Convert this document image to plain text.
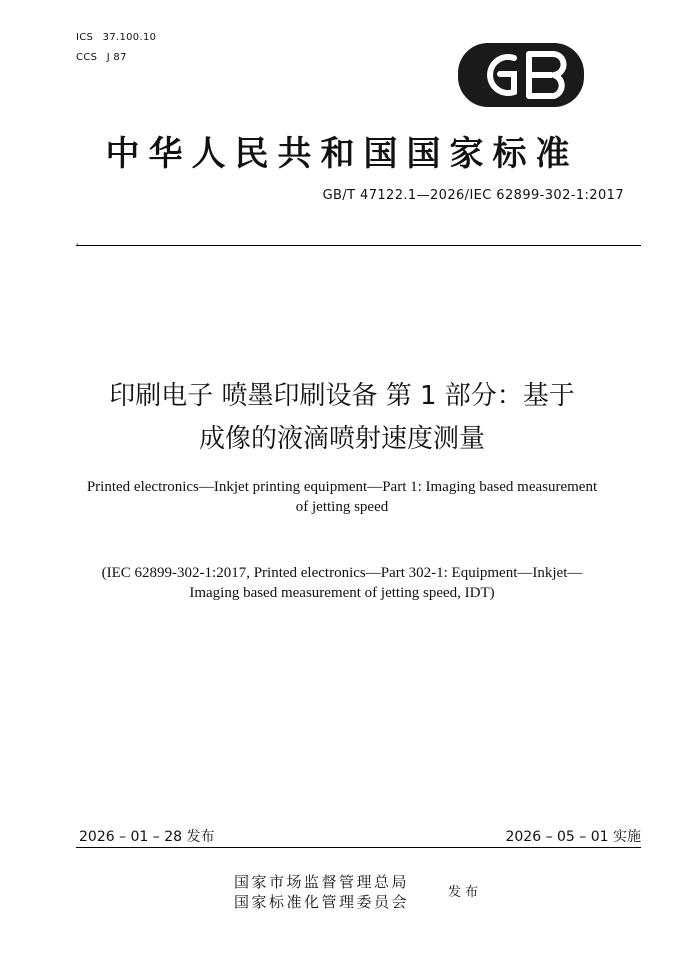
ICS 37.100.10
CCS J 87
中华人民共和国国家标准
GB/T 47122.1—2026/IEC 62899-302-1:2017
、
印刷电子 喷墨印刷设备 第 1 部分：基于
成像的液滴喷射速度测量
Printed electronics—Inkjet printing equipment—Part 1: Imaging based measurement
of jetting speed
(IEC 62899-302-1:2017, Printed electronics—Part 302-1: Equipment—Inkjet—
Imaging based measurement of jetting speed, IDT)
2026 – 01 – 28 发布	2026 – 05 – 01 实施
国家市场监督管理总局
国家标准化管理委员会
发布
